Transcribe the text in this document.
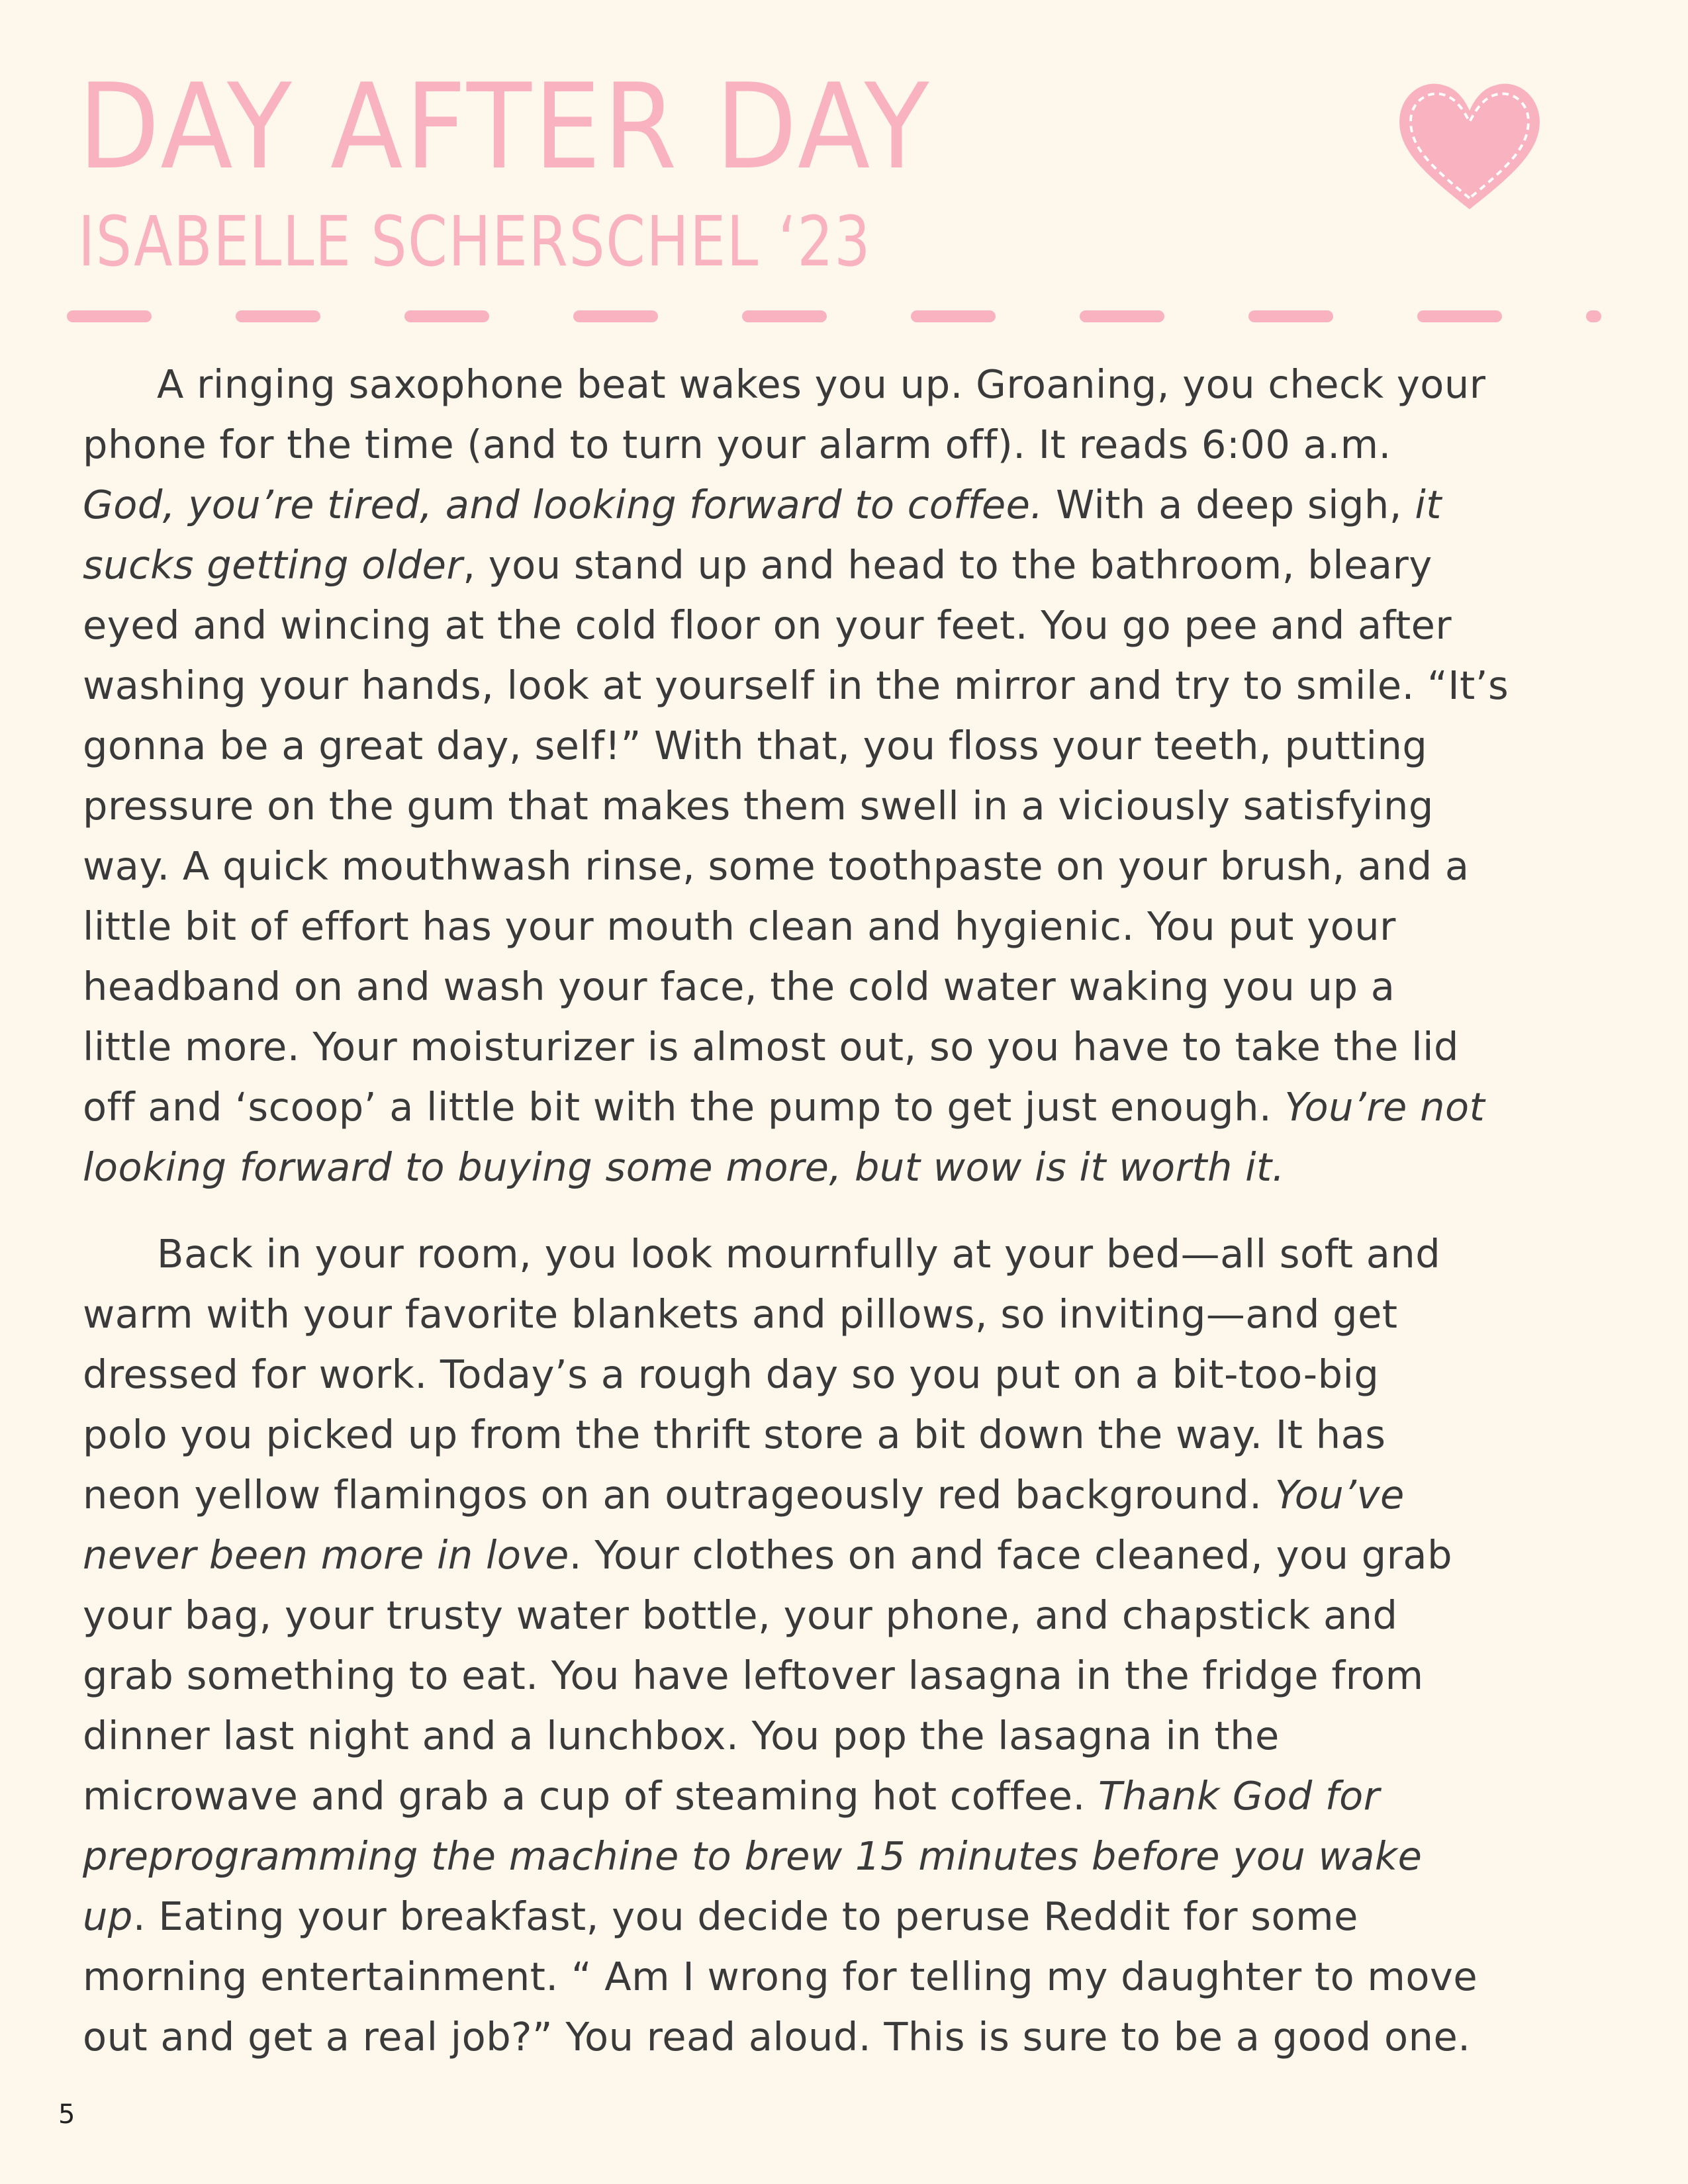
DAY AFTER DAY
ISABELLE SCHERSCHEL ‘23
A ringing saxophone beat wakes you up. Groaning, you check your
phone for the time (and to turn your alarm off). It reads 6:00 a.m.
God, you’re tired, and looking forward to coffee. With a deep sigh, it
sucks getting older, you stand up and head to the bathroom, bleary
eyed and wincing at the cold floor on your feet. You go pee and after
washing your hands, look at yourself in the mirror and try to smile. “It’s
gonna be a great day, self!” With that, you floss your teeth, putting
pressure on the gum that makes them swell in a viciously satisfying
way. A quick mouthwash rinse, some toothpaste on your brush, and a
little bit of effort has your mouth clean and hygienic. You put your
headband on and wash your face, the cold water waking you up a
little more. Your moisturizer is almost out, so you have to take the lid
off and ‘scoop’ a little bit with the pump to get just enough. You’re not
looking forward to buying some more, but wow is it worth it.
Back in your room, you look mournfully at your bed—all soft and
warm with your favorite blankets and pillows, so inviting—and get
dressed for work. Today’s a rough day so you put on a bit-too-big
polo you picked up from the thrift store a bit down the way. It has
neon yellow flamingos on an outrageously red background. You’ve
never been more in love. Your clothes on and face cleaned, you grab
your bag, your trusty water bottle, your phone, and chapstick and
grab something to eat. You have leftover lasagna in the fridge from
dinner last night and a lunchbox. You pop the lasagna in the
microwave and grab a cup of steaming hot coffee. Thank God for
preprogramming the machine to brew 15 minutes before you wake
up. Eating your breakfast, you decide to peruse Reddit for some
morning entertainment. “ Am I wrong for telling my daughter to move
out and get a real job?” You read aloud. This is sure to be a good one.
5
